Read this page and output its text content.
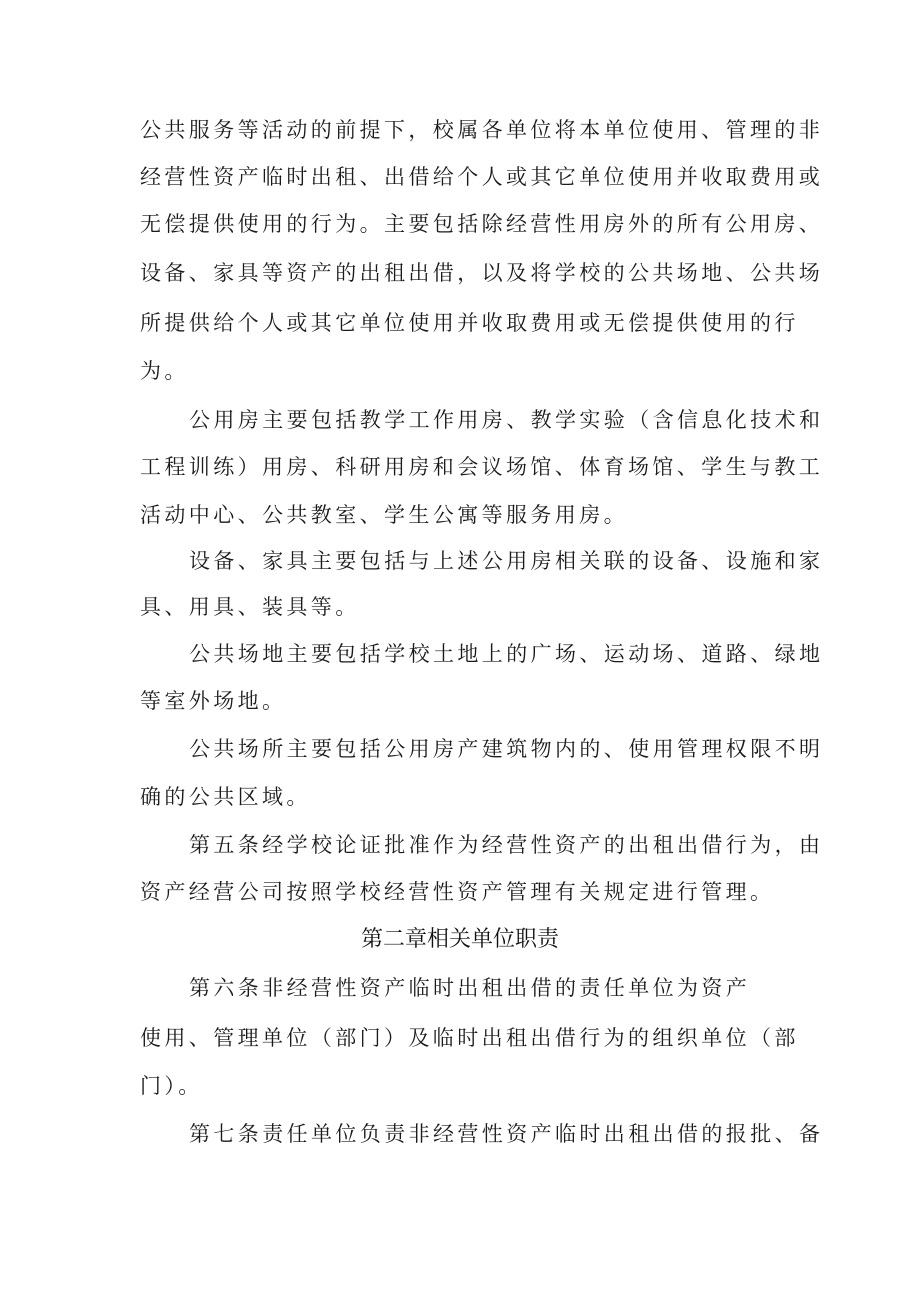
公共服务等活动的前提下，校属各单位将本单位使用、管理的非
经营性资产临时出租、出借给个人或其它单位使用并收取费用或
无偿提供使用的行为。主要包括除经营性用房外的所有公用房、
设备、家具等资产的出租出借，以及将学校的公共场地、公共场
所提供给个人或其它单位使用并收取费用或无偿提供使用的行
为。
公用房主要包括教学工作用房、教学实验（含信息化技术和
工程训练）用房、科研用房和会议场馆、体育场馆、学生与教工
活动中心、公共教室、学生公寓等服务用房。
设备、家具主要包括与上述公用房相关联的设备、设施和家
具、用具、装具等。
公共场地主要包括学校土地上的广场、运动场、道路、绿地
等室外场地。
公共场所主要包括公用房产建筑物内的、使用管理权限不明
确的公共区域。
第五条经学校论证批准作为经营性资产的出租出借行为，由
资产经营公司按照学校经营性资产管理有关规定进行管理。
第二章相关单位职责
第六条非经营性资产临时出租出借的责任单位为资产
使用、管理单位（部门）及临时出租出借行为的组织单位（部
门）。
第七条责任单位负责非经营性资产临时出租出借的报批、备
